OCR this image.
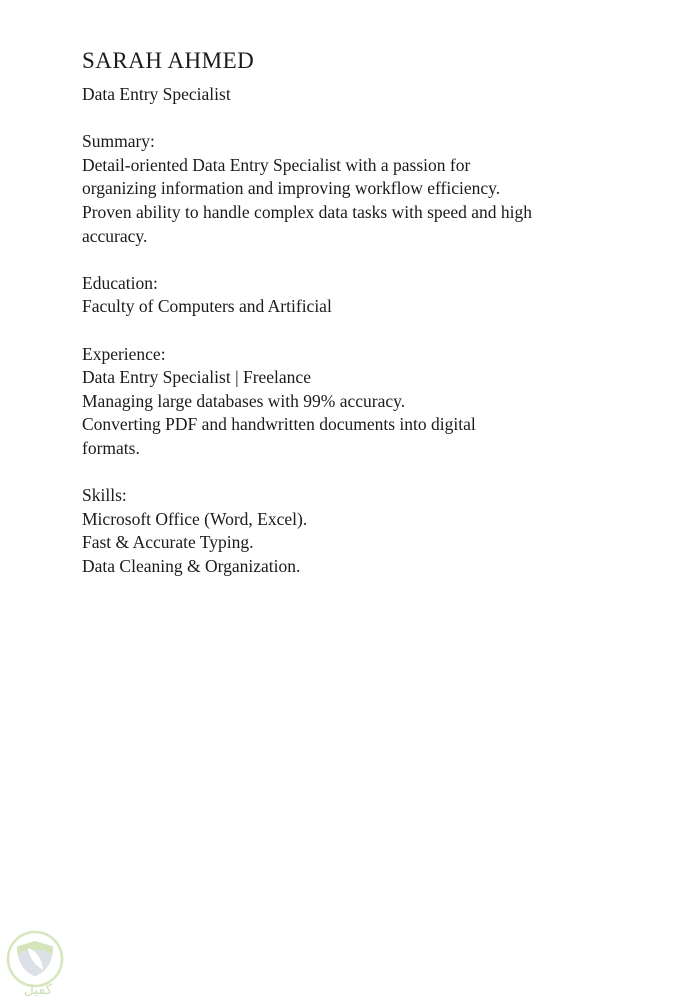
SARAH AHMED
Data Entry Specialist
Summary:
Detail-oriented Data Entry Specialist with a passion for
organizing information and improving workflow efficiency.
Proven ability to handle complex data tasks with speed and high
accuracy.
Education:
Faculty of Computers and Artificial
Experience:
Data Entry Specialist | Freelance
Managing large databases with 99% accuracy.
Converting PDF and handwritten documents into digital
formats.
Skills:
Microsoft Office (Word, Excel).
Fast & Accurate Typing.
Data Cleaning & Organization.
كفيل
